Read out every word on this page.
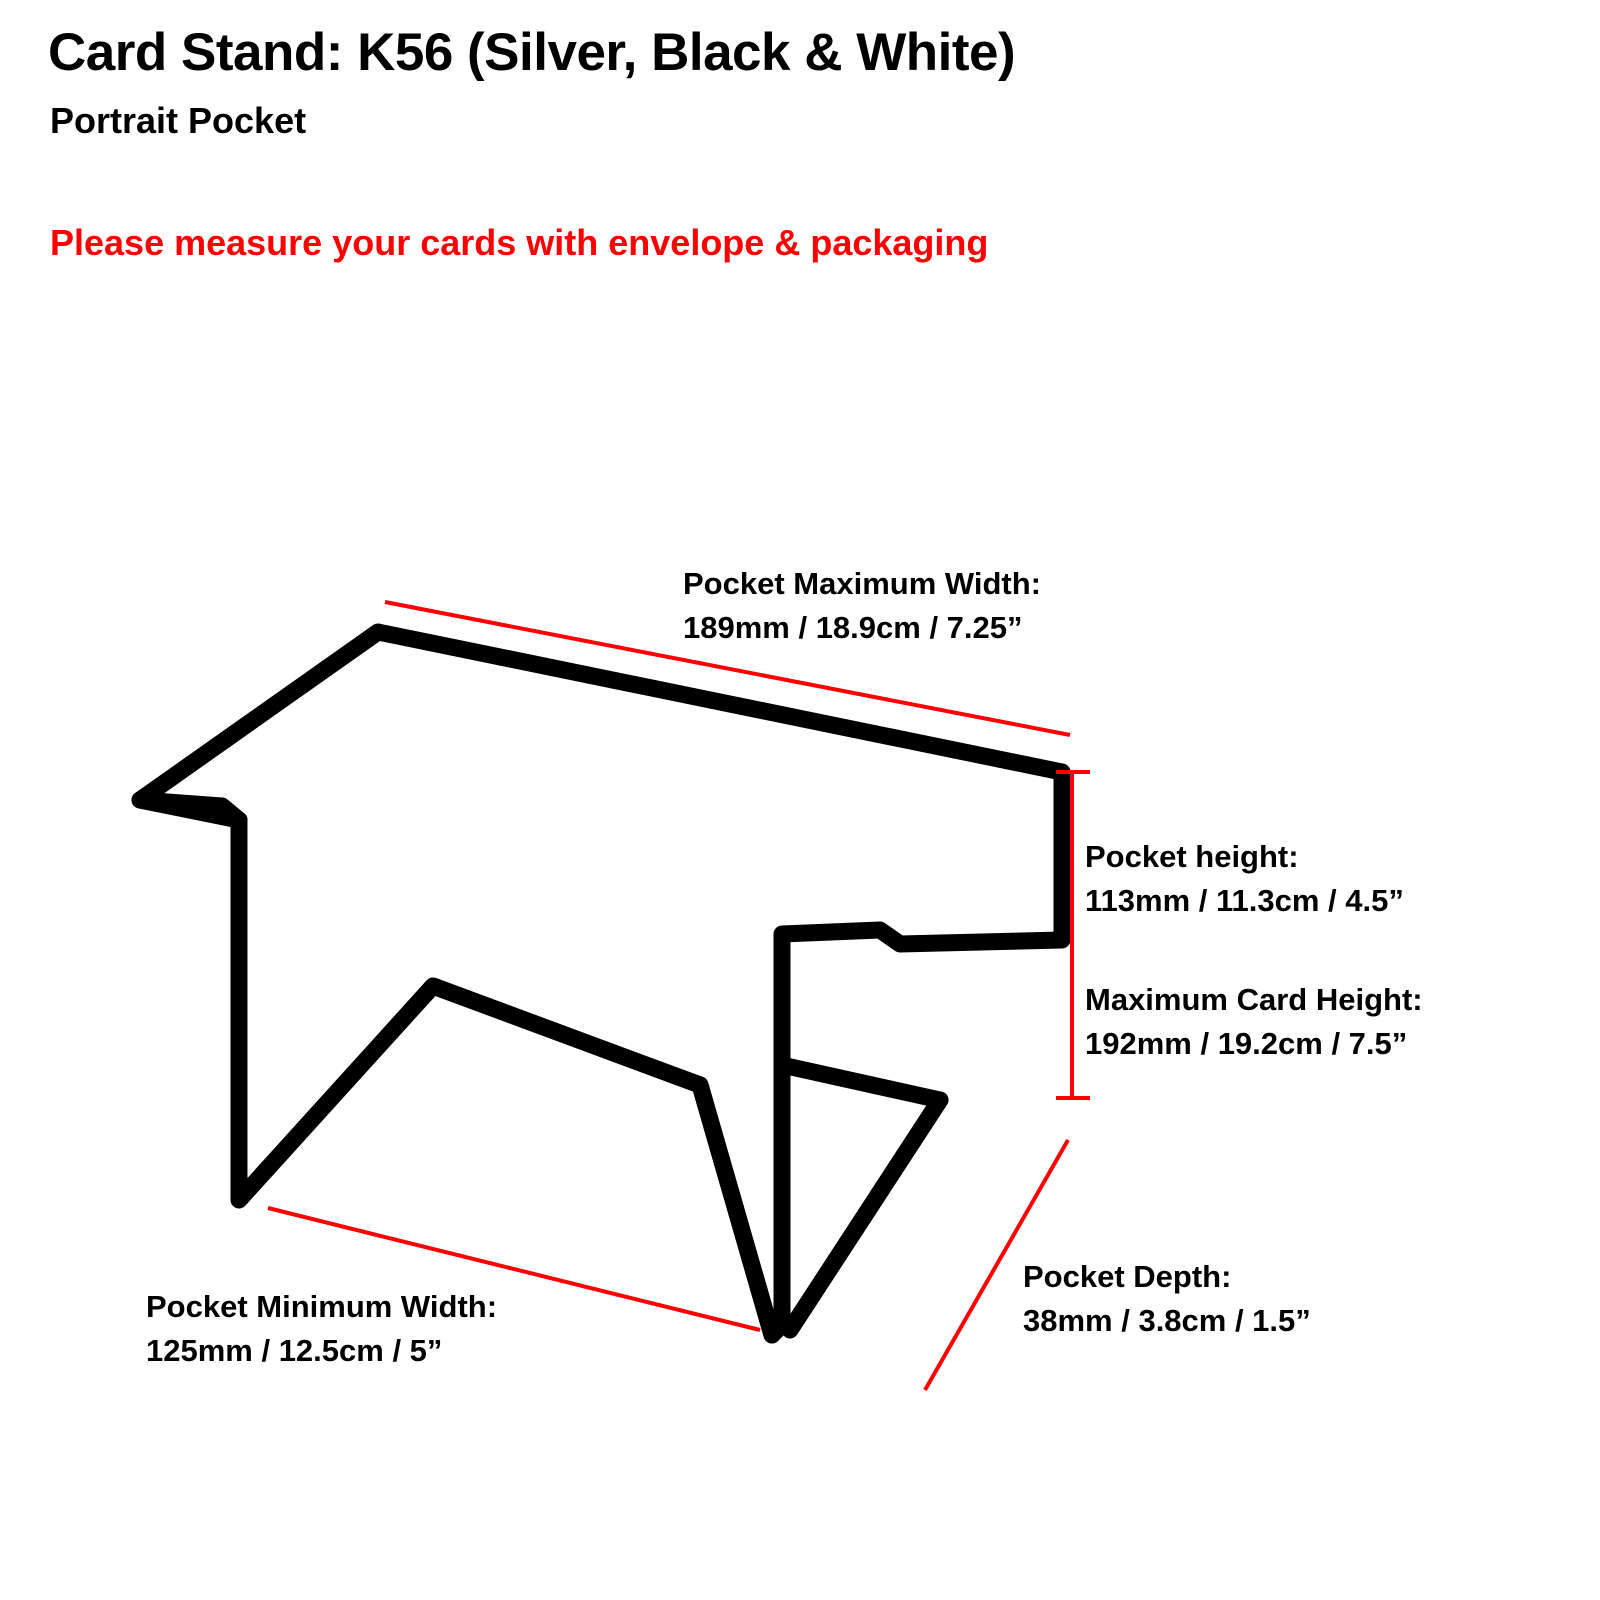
Card Stand: K56 (Silver, Black & White)
Portrait Pocket
Please measure your cards with envelope & packaging
Pocket Maximum Width:
189mm / 18.9cm / 7.25”
Pocket height:
113mm / 11.3cm / 4.5”
Maximum Card Height:
192mm / 19.2cm / 7.5”
Pocket Minimum Width:
125mm / 12.5cm / 5”
Pocket Depth:
38mm / 3.8cm / 1.5”
